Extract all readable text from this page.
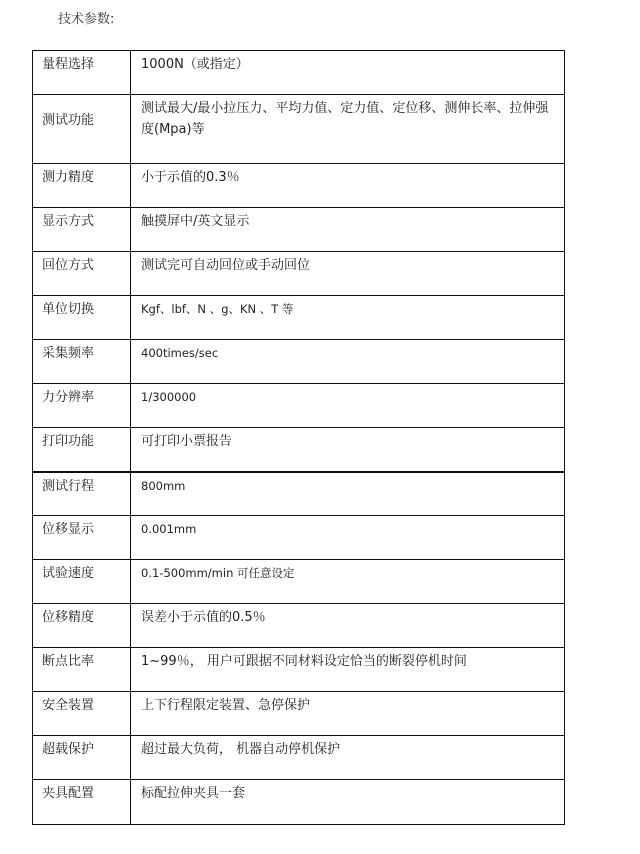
技术参数:
量程选择	1000N（或指定）
测试功能	测试最大/最小拉压力、平均力值、定力值、定位移、测伸长率、拉伸强度(Mpa)等
测力精度	小于示值的0.3％
显示方式	触摸屏中/英文显示
回位方式	测试完可自动回位或手动回位
单位切换	Kgf、lbf、N 、g、KN 、T 等
采集频率	400times/sec
力分辨率	1/300000
打印功能	可打印小票报告
测试行程	800mm
位移显示	0.001mm
试验速度	0.1-500mm/min 可任意设定
位移精度	误差小于示值的0.5％
断点比率	1~99％， 用户可跟据不同材料设定恰当的断裂停机时间
安全装置	上下行程限定装置、急停保护
超载保护	超过最大负荷， 机器自动停机保护
夹具配置	标配拉伸夹具一套
